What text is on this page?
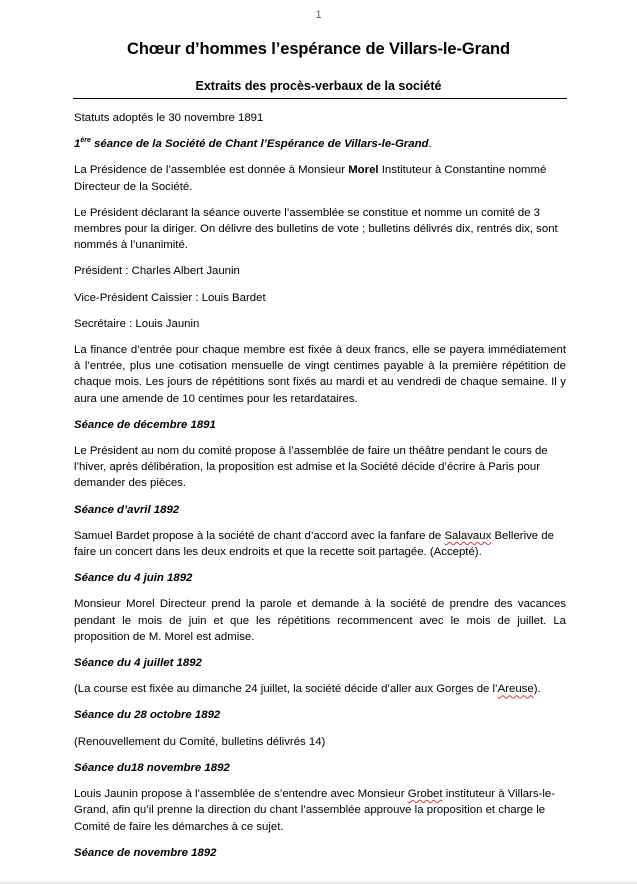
1
Chœur d’hommes l’espérance de Villars-le-Grand
Extraits des procès-verbaux de la société

Statuts adoptés le 30 novembre 1891

1ère séance de la Société de Chant l’Espérance de Villars-le-Grand.

La Présidence de l’assemblée est donnée à Monsieur Morel Instituteur à Constantine nommé Directeur de la Société.

Le Président déclarant la séance ouverte l’assemblée se constitue et nomme un comité de 3 membres pour la diriger. On délivre des bulletins de vote ; bulletins délivrés dix, rentrés dix, sont nommés à l’unanimité.

Président : Charles Albert Jaunin

Vice-Président Caissier : Louis Bardet

Secrétaire : Louis Jaunin

La finance d’entrée pour chaque membre est fixée à deux francs, elle se payera immédiatement à l’entrée, plus une cotisation mensuelle de vingt centimes payable à la première répétition de chaque mois. Les jours de répétitions sont fixés au mardi et au vendredi de chaque semaine. Il y aura une amende de 10 centimes pour les retardataires.

Séance de décembre 1891

Le Président au nom du comité propose à l’assemblée de faire un théâtre pendant le cours de l’hiver, après délibération, la proposition est admise et la Société décide d’écrire à Paris pour demander des pièces.

Séance d’avril 1892

Samuel Bardet propose à la société de chant d’accord avec la fanfare de Salavaux Bellerive de faire un concert dans les deux endroits et que la recette soit partagée. (Accepté).

Séance du 4 juin 1892

Monsieur Morel Directeur prend la parole et demande à la société de prendre des vacances pendant le mois de juin et que les répétitions recommencent avec le mois de juillet. La proposition de M. Morel est admise.

Séance du 4 juillet 1892

(La course est fixée au dimanche 24 juillet, la société décide d’aller aux Gorges de l’Areuse).

Séance du 28 octobre 1892

(Renouvellement du Comité, bulletins délivrés 14)

Séance du18 novembre 1892

Louis Jaunin propose à l’assemblée de s’entendre avec Monsieur Grobet instituteur à Villars-le-Grand, afin qu’il prenne la direction du chant l’assemblée approuve la proposition et charge le Comité de faire les démarches à ce sujet.

Séance de novembre 1892
